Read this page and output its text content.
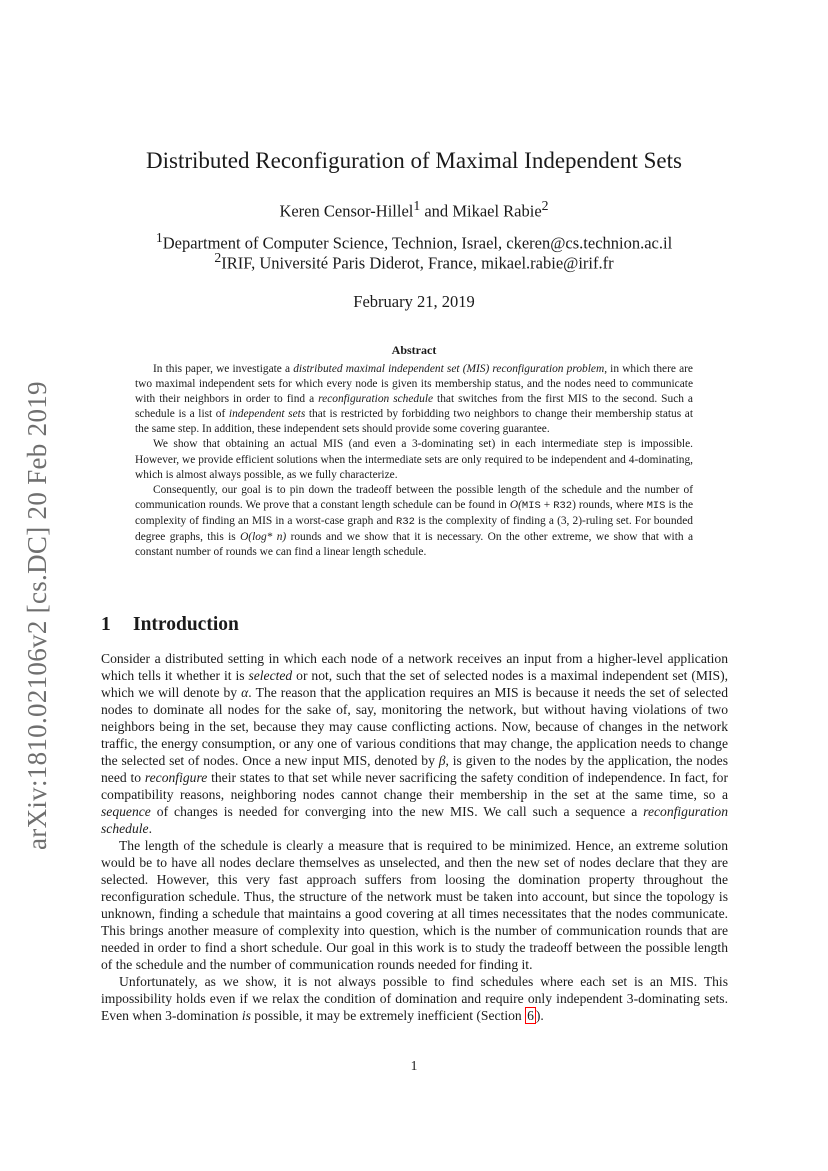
arXiv:1810.02106v2 [cs.DC] 20 Feb 2019
Distributed Reconfiguration of Maximal Independent Sets
Keren Censor-Hillel$^1$ and Mikael Rabie$^2$
$^1$Department of Computer Science, Technion, Israel, ckeren@cs.technion.ac.il
$^2$IRIF, Université Paris Diderot, France, mikael.rabie@irif.fr
February 21, 2019
Abstract

In this paper, we investigate a distributed maximal independent set (MIS) reconfiguration problem, in which there are two maximal independent sets for which every node is given its membership status, and the nodes need to communicate with their neighbors in order to find a reconfiguration schedule that switches from the first MIS to the second. Such a schedule is a list of independent sets that is restricted by forbidding two neighbors to change their membership status at the same step. In addition, these independent sets should provide some covering guarantee.

We show that obtaining an actual MIS (and even a 3-dominating set) in each intermediate step is impossible. However, we provide efficient solutions when the intermediate sets are only required to be independent and 4-dominating, which is almost always possible, as we fully characterize.

Consequently, our goal is to pin down the tradeoff between the possible length of the schedule and the number of communication rounds. We prove that a constant length schedule can be found in O(MIS + R32) rounds, where MIS is the complexity of finding an MIS in a worst-case graph and R32 is the complexity of finding a (3, 2)-ruling set. For bounded degree graphs, this is O(log* n) rounds and we show that it is necessary. On the other extreme, we show that with a constant number of rounds we can find a linear length schedule.

1 Introduction

Consider a distributed setting in which each node of a network receives an input from a higher-level application which tells it whether it is selected or not, such that the set of selected nodes is a maximal independent set (MIS), which we will denote by α. The reason that the application requires an MIS is because it needs the set of selected nodes to dominate all nodes for the sake of, say, monitoring the network, but without having violations of two neighbors being in the set, because they may cause conflicting actions. Now, because of changes in the network traffic, the energy consumption, or any one of various conditions that may change, the application needs to change the selected set of nodes. Once a new input MIS, denoted by β, is given to the nodes by the application, the nodes need to reconfigure their states to that set while never sacrificing the safety condition of independence. In fact, for compatibility reasons, neighboring nodes cannot change their membership in the set at the same time, so a sequence of changes is needed for converging into the new MIS. We call such a sequence a reconfiguration schedule.

The length of the schedule is clearly a measure that is required to be minimized. Hence, an extreme solution would be to have all nodes declare themselves as unselected, and then the new set of nodes declare that they are selected. However, this very fast approach suffers from loosing the domination property throughout the reconfiguration schedule. Thus, the structure of the network must be taken into account, but since the topology is unknown, finding a schedule that maintains a good covering at all times necessitates that the nodes communicate. This brings another measure of complexity into question, which is the number of communication rounds that are needed in order to find a short schedule. Our goal in this work is to study the tradeoff between the possible length of the schedule and the number of communication rounds needed for finding it.

Unfortunately, as we show, it is not always possible to find schedules where each set is an MIS. This impossibility holds even if we relax the condition of domination and require only independent 3-dominating sets. Even when 3-domination is possible, it may be extremely inefficient (Section 6 ).

1
